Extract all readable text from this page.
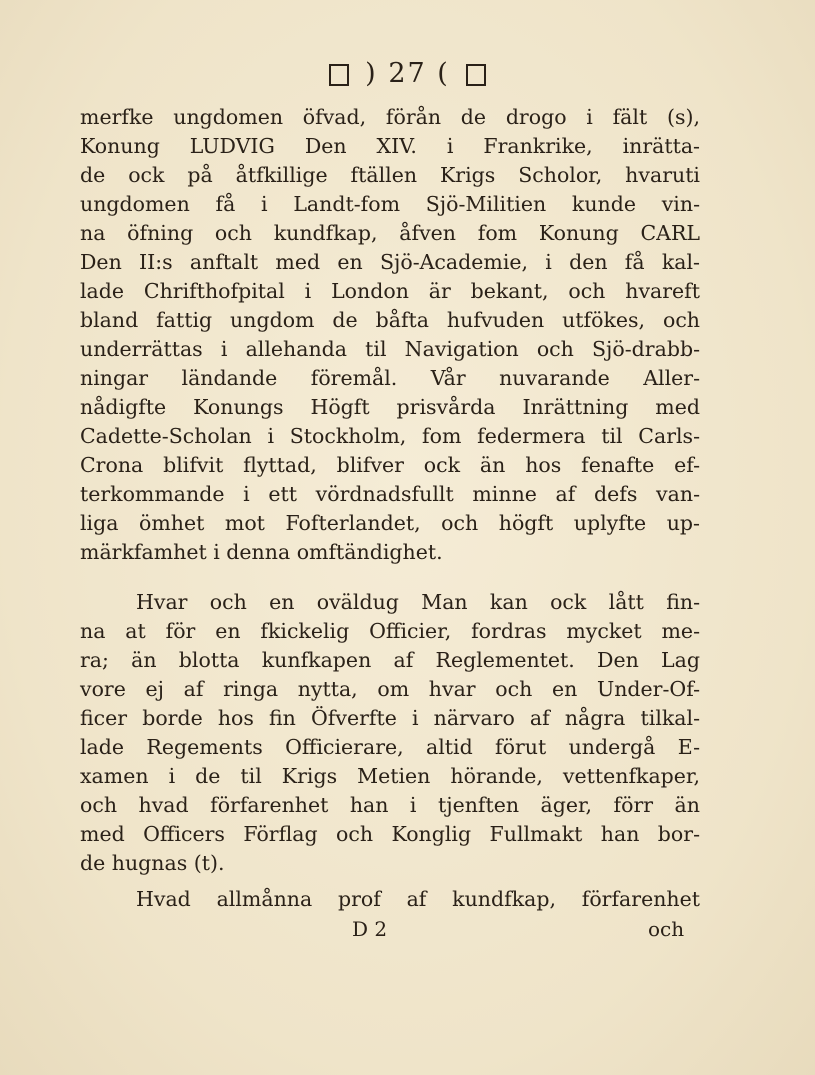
) 27 (
merfke ungdomen öfvad, förån de drogo i fält (s),
Konung LUDVIG Den XIV. i Frankrike, inrätta-
de ock på åtfkillige ftällen Krigs Scholor, hvaruti
ungdomen få i Landt-fom Sjö-Militien kunde vin-
na öfning och kundfkap, åfven fom Konung CARL
Den II:s anftalt med en Sjö-Academie, i den få kal-
lade Chrifthofpital i London är bekant, och hvareft
bland fattig ungdom de båfta hufvuden utfökes, och
underrättas i allehanda til Navigation och Sjö-drabb-
ningar ländande föremål. Vår nuvarande Aller-
nådigfte Konungs Högft prisvårda Inrättning med
Cadette-Scholan i Stockholm, fom federmera til Carls-
Crona blifvit flyttad, blifver ock än hos fenafte ef-
terkommande i ett vördnadsfullt minne af defs van-
liga ömhet mot Fofterlandet, och högft uplyfte up-
märkfamhet i denna omftändighet.
Hvar och en oväldug Man kan ock lått fin-
na at för en fkickelig Officier, fordras mycket me-
ra; än blotta kunfkapen af Reglementet. Den Lag
vore ej af ringa nytta, om hvar och en Under-Of-
ficer borde hos fin Öfverfte i närvaro af några tilkal-
lade Regements Officierare, altid förut undergå E-
xamen i de til Krigs Metien hörande, vettenfkaper,
och hvad förfarenhet han i tjenften äger, förr än
med Officers Förflag och Konglig Fullmakt han bor-
de hugnas (t).
Hvad allmånna prof af kundfkap, förfarenhet
D 2	och
